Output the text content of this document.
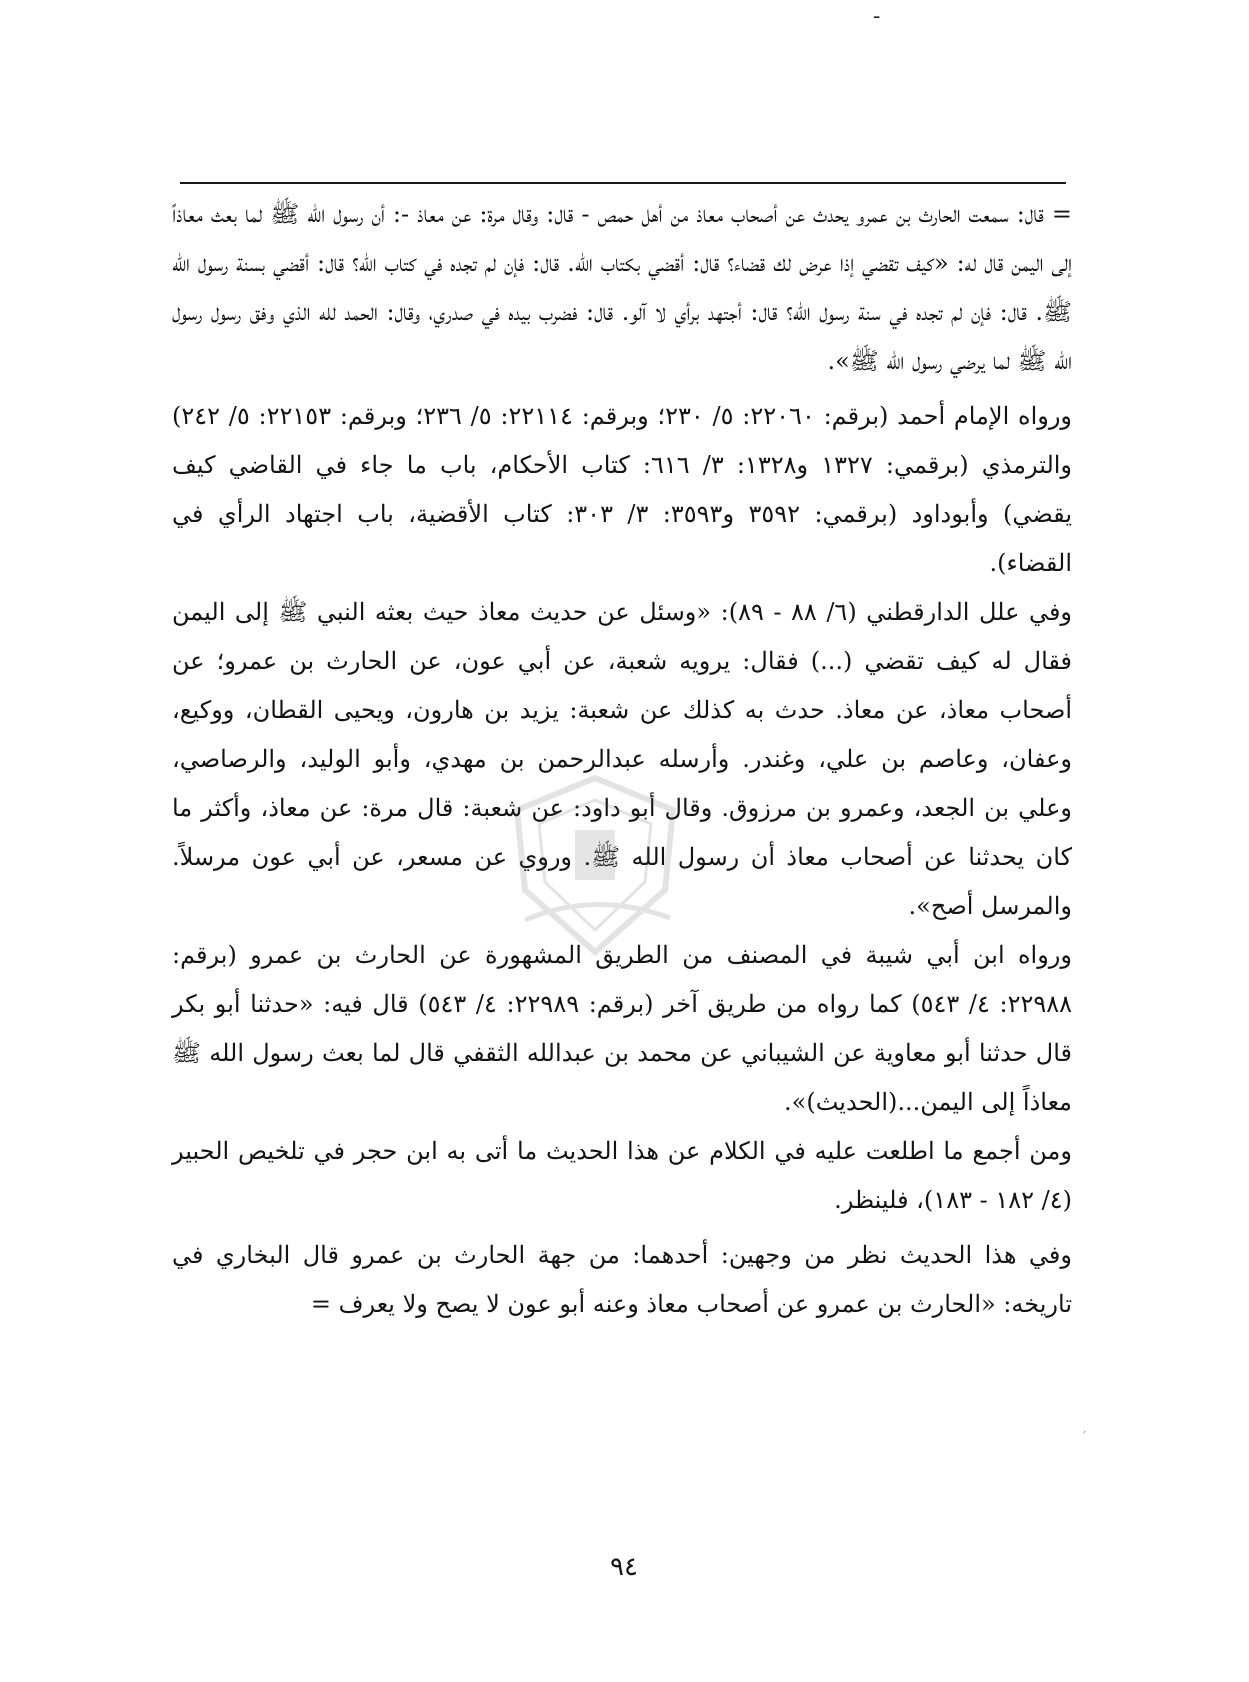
ـ

= قال: سمعت الحارث بن عمرو يحدث عن أصحاب معاذ من أهل حمص - قال: وقال مرة: عن معاذ -: أن رسول الله ﷺ لما بعث معاذاً إلى اليمن قال له: «كيف تقضي إذا عرض لك قضاء؟ قال: أقضي بكتاب الله. قال: فإن لم تجده في كتاب الله؟ قال: أقضي بسنة رسول الله ﷺ. قال: فإن لم تجده في سنة رسول الله؟ قال: أجتهد برأي لا آلو. قال: فضرب بيده في صدري، وقال: الحمد لله الذي وفق رسول رسول الله ﷺ لما يرضي رسول الله ﷺ».

ورواه الإمام أحمد (برقم: ٢٢٠٦٠: ٥/ ٢٣٠؛ وبرقم: ٢٢١١٤: ٥/ ٢٣٦؛ وبرقم: ٢٢١٥٣: ٥/ ٢٤٢) والترمذي (برقمي: ١٣٢٧ و١٣٢٨: ٣/ ٦١٦: كتاب الأحكام، باب ما جاء في القاضي كيف يقضي) وأبوداود (برقمي: ٣٥٩٢ و٣٥٩٣: ٣/ ٣٠٣: كتاب الأقضية، باب اجتهاد الرأي في القضاء).

وفي علل الدارقطني (٦/ ٨٨ - ٨٩): «وسئل عن حديث معاذ حيث بعثه النبي ﷺ إلى اليمن فقال له كيف تقضي (...) فقال: يرويه شعبة، عن أبي عون، عن الحارث بن عمرو؛ عن أصحاب معاذ، عن معاذ. حدث به كذلك عن شعبة: يزيد بن هارون، ويحيى القطان، ووكيع، وعفان، وعاصم بن علي، وغندر. وأرسله عبدالرحمن بن مهدي، وأبو الوليد، والرصاصي، وعلي بن الجعد، وعمرو بن مرزوق. وقال أبو داود: عن شعبة: قال مرة: عن معاذ، وأكثر ما كان يحدثنا عن أصحاب معاذ أن رسول الله ﷺ. وروي عن مسعر، عن أبي عون مرسلاً. والمرسل أصح».

ورواه ابن أبي شيبة في المصنف من الطريق المشهورة عن الحارث بن عمرو (برقم: ٢٢٩٨٨: ٤/ ٥٤٣) كما رواه من طريق آخر (برقم: ٢٢٩٨٩: ٤/ ٥٤٣) قال فيه: «حدثنا أبو بكر قال حدثنا أبو معاوية عن الشيباني عن محمد بن عبدالله الثقفي قال لما بعث رسول الله ﷺ معاذاً إلى اليمن...(الحديث)».

ومن أجمع ما اطلعت عليه في الكلام عن هذا الحديث ما أتى به ابن حجر في تلخيص الحبير (٤/ ١٨٢ - ١٨٣)، فلينظر.

وفي هذا الحديث نظر من وجهين: أحدهما: من جهة الحارث بن عمرو قال البخاري في تاريخه: «الحارث بن عمرو عن أصحاب معاذ وعنه أبو عون لا يصح ولا يعرف =

´
٩٤
